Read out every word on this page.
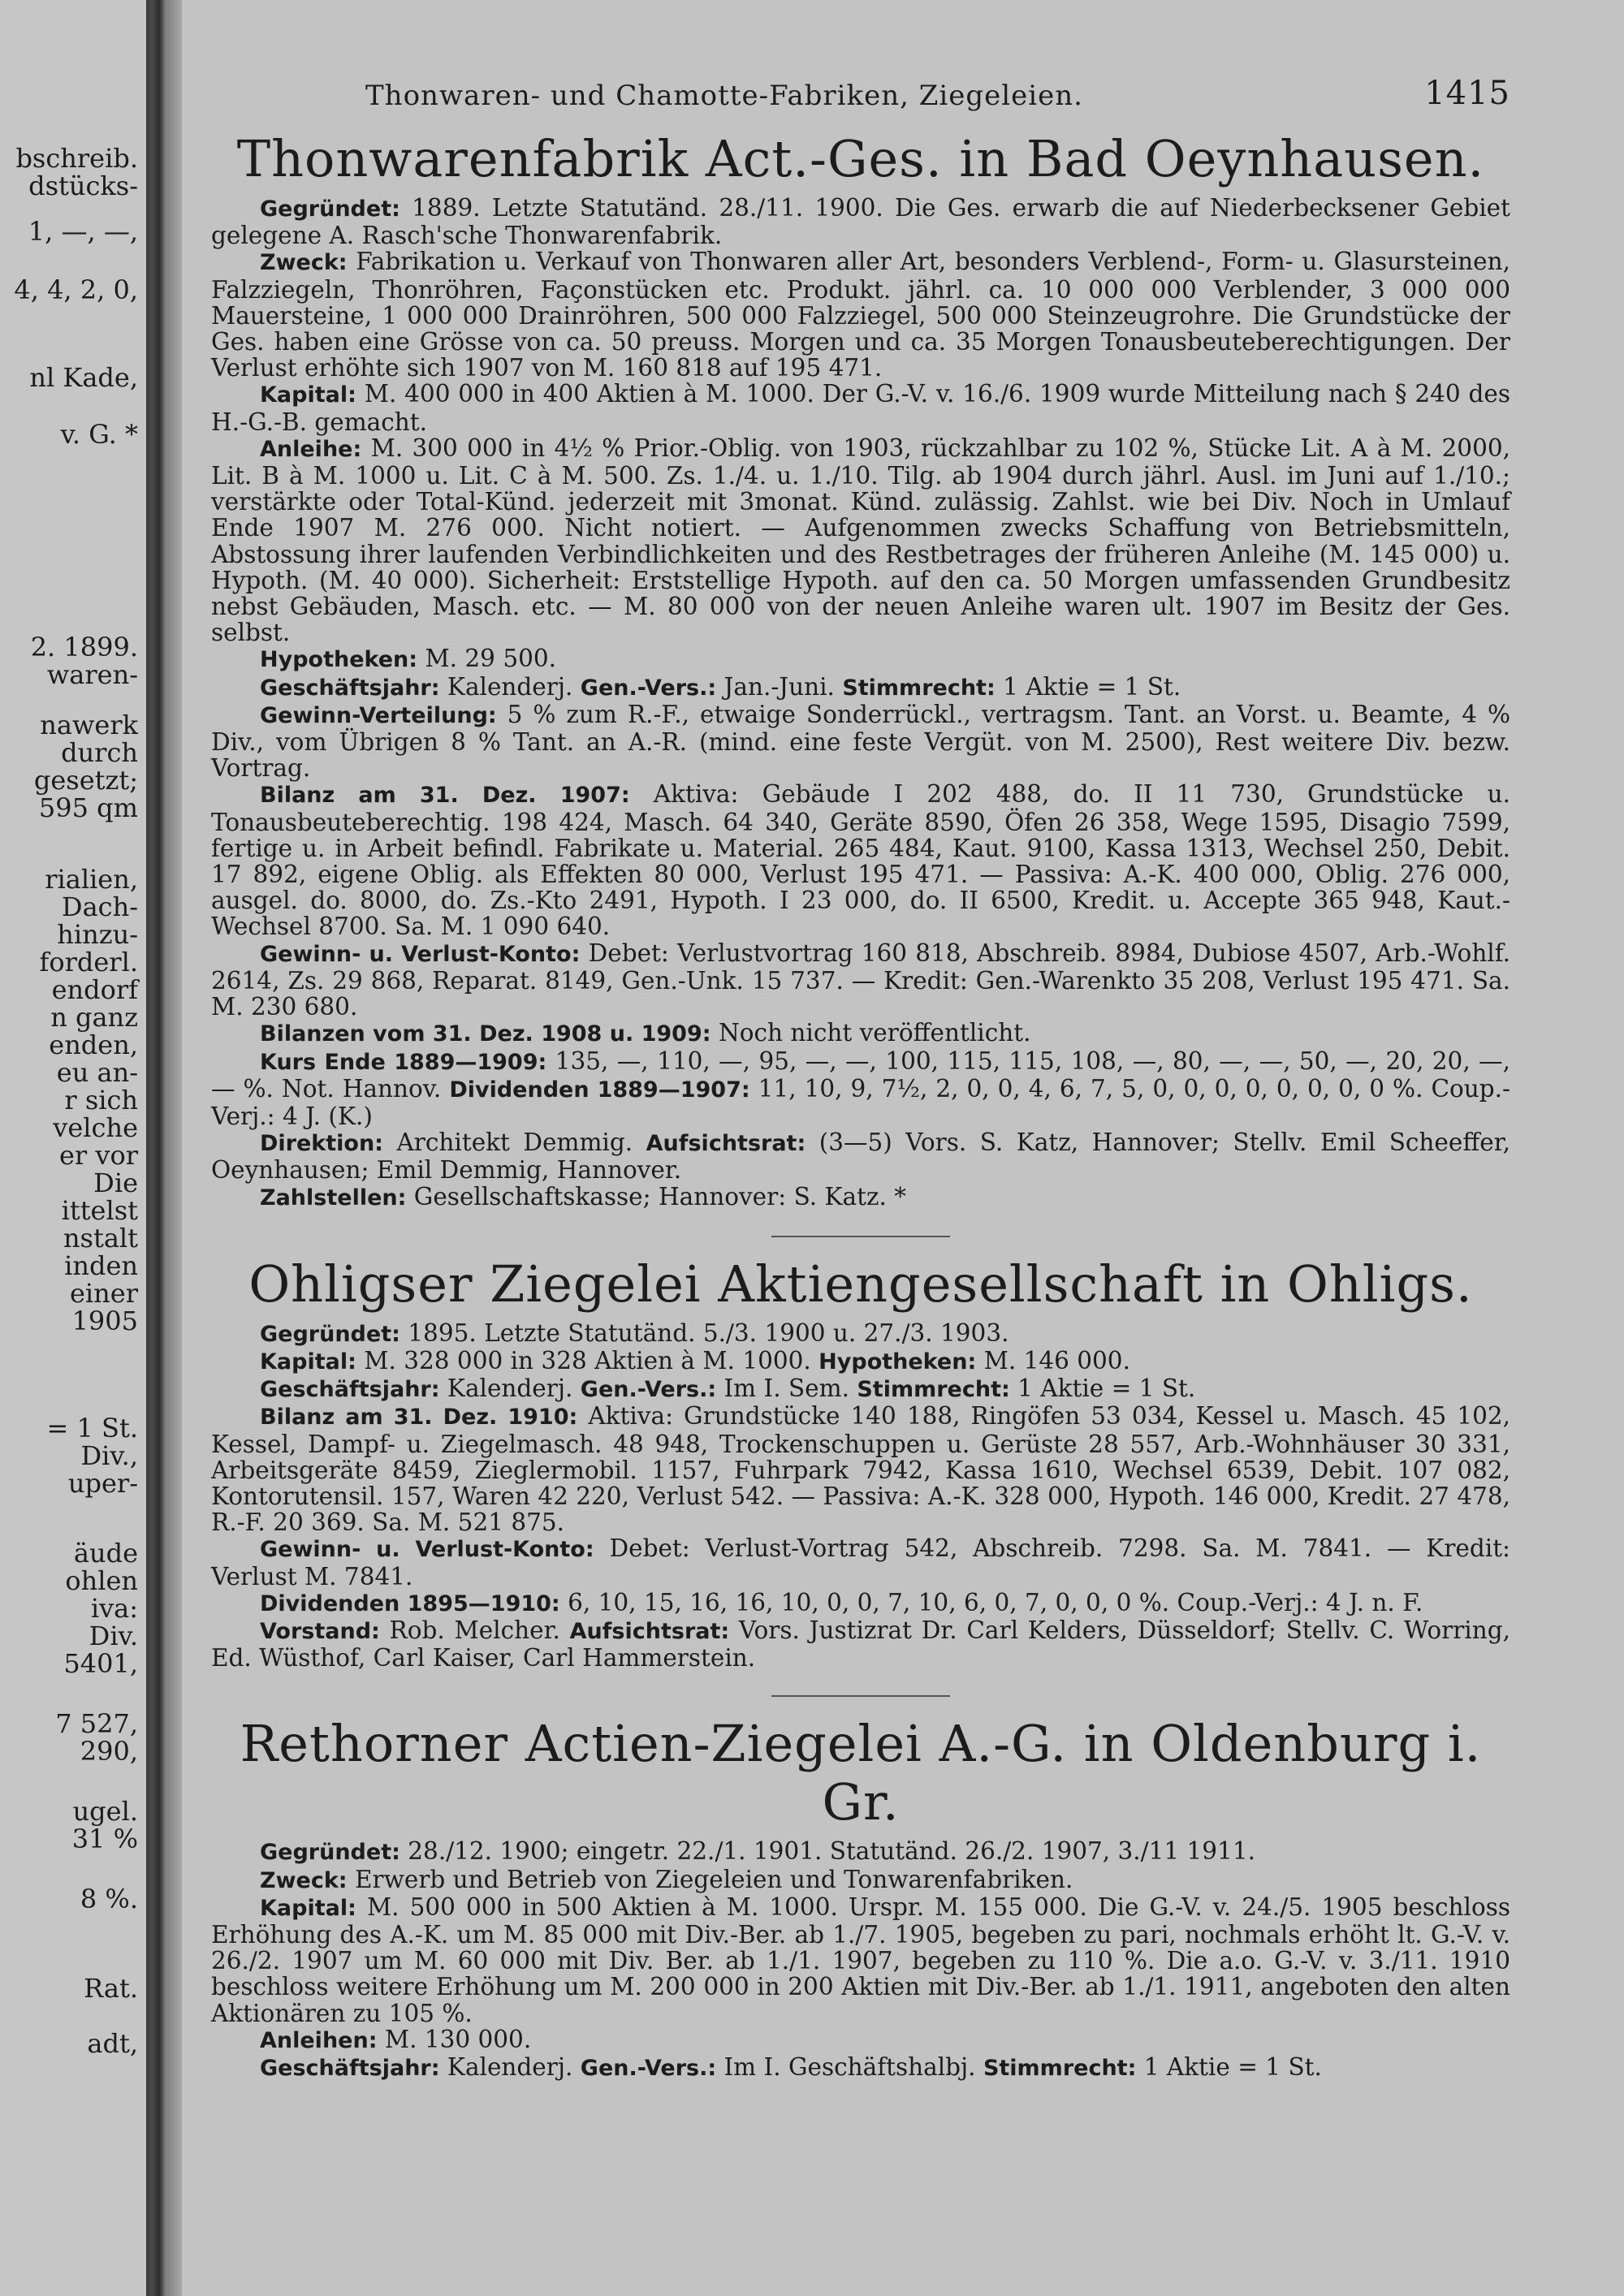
bschreib.
dstücks-
1, —, —,
4, 4, 2, 0,
nl Kade,
v. G. *
2. 1899.
waren-
nawerk
durch
gesetzt;
595 qm
rialien,
Dach-
hinzu-
forderl.
endorf
n ganz
enden,
eu an-
r sich
velche
er vor
Die
ittelst
nstalt
inden
einer
1905
= 1 St.
Div.,
uper-
äude
ohlen
iva:
Div.
5401,
7 527,
290,
ugel.
31 %
8 %.
Rat.
adt,
Thonwaren- und Chamotte-Fabriken, Ziegeleien.	1415
Thonwarenfabrik Act.-Ges. in Bad Oeynhausen.

Gegründet: 1889. Letzte Statutänd. 28./11. 1900. Die Ges. erwarb die auf Niederbecksener Gebiet gelegene A. Rasch'sche Thonwarenfabrik.

Zweck: Fabrikation u. Verkauf von Thonwaren aller Art, besonders Verblend-, Form- u. Glasursteinen, Falzziegeln, Thonröhren, Façonstücken etc. Produkt. jährl. ca. 10 000 000 Verblender, 3 000 000 Mauersteine, 1 000 000 Drainröhren, 500 000 Falzziegel, 500 000 Steinzeugrohre. Die Grundstücke der Ges. haben eine Grösse von ca. 50 preuss. Morgen und ca. 35 Morgen Tonausbeuteberechtigungen. Der Verlust erhöhte sich 1907 von M. 160 818 auf 195 471.

Kapital: M. 400 000 in 400 Aktien à M. 1000. Der G.-V. v. 16./6. 1909 wurde Mitteilung nach § 240 des H.-G.-B. gemacht.

Anleihe: M. 300 000 in 4½ % Prior.-Oblig. von 1903, rückzahlbar zu 102 %, Stücke Lit. A à M. 2000, Lit. B à M. 1000 u. Lit. C à M. 500. Zs. 1./4. u. 1./10. Tilg. ab 1904 durch jährl. Ausl. im Juni auf 1./10.; verstärkte oder Total-Künd. jederzeit mit 3monat. Künd. zulässig. Zahlst. wie bei Div. Noch in Umlauf Ende 1907 M. 276 000. Nicht notiert. — Aufgenommen zwecks Schaffung von Betriebsmitteln, Abstossung ihrer laufenden Verbindlichkeiten und des Restbetrages der früheren Anleihe (M. 145 000) u. Hypoth. (M. 40 000). Sicherheit: Erststellige Hypoth. auf den ca. 50 Morgen umfassenden Grundbesitz nebst Gebäuden, Masch. etc. — M. 80 000 von der neuen Anleihe waren ult. 1907 im Besitz der Ges. selbst.

Hypotheken: M. 29 500.

Geschäftsjahr: Kalenderj. Gen.-Vers.: Jan.-Juni. Stimmrecht: 1 Aktie = 1 St.

Gewinn-Verteilung: 5 % zum R.-F., etwaige Sonderrückl., vertragsm. Tant. an Vorst. u. Beamte, 4 % Div., vom Übrigen 8 % Tant. an A.-R. (mind. eine feste Vergüt. von M. 2500), Rest weitere Div. bezw. Vortrag.

Bilanz am 31. Dez. 1907: Aktiva: Gebäude I 202 488, do. II 11 730, Grundstücke u. Tonausbeuteberechtig. 198 424, Masch. 64 340, Geräte 8590, Öfen 26 358, Wege 1595, Disagio 7599, fertige u. in Arbeit befindl. Fabrikate u. Material. 265 484, Kaut. 9100, Kassa 1313, Wechsel 250, Debit. 17 892, eigene Oblig. als Effekten 80 000, Verlust 195 471. — Passiva: A.-K. 400 000, Oblig. 276 000, ausgel. do. 8000, do. Zs.-Kto 2491, Hypoth. I 23 000, do. II 6500, Kredit. u. Accepte 365 948, Kaut.-Wechsel 8700. Sa. M. 1 090 640.

Gewinn- u. Verlust-Konto: Debet: Verlustvortrag 160 818, Abschreib. 8984, Dubiose 4507, Arb.-Wohlf. 2614, Zs. 29 868, Reparat. 8149, Gen.-Unk. 15 737. — Kredit: Gen.-Warenkto 35 208, Verlust 195 471. Sa. M. 230 680.

Bilanzen vom 31. Dez. 1908 u. 1909: Noch nicht veröffentlicht.

Kurs Ende 1889—1909: 135, —, 110, —, 95, —, —, 100, 115, 115, 108, —, 80, —, —, 50, —, 20, 20, —, — %. Not. Hannov. Dividenden 1889—1907: 11, 10, 9, 7½, 2, 0, 0, 4, 6, 7, 5, 0, 0, 0, 0, 0, 0, 0, 0 %. Coup.-Verj.: 4 J. (K.)

Direktion: Architekt Demmig. Aufsichtsrat: (3—5) Vors. S. Katz, Hannover; Stellv. Emil Scheeffer, Oeynhausen; Emil Demmig, Hannover.

Zahlstellen: Gesellschaftskasse; Hannover: S. Katz. *

Ohligser Ziegelei Aktiengesellschaft in Ohligs.

Gegründet: 1895. Letzte Statutänd. 5./3. 1900 u. 27./3. 1903.

Kapital: M. 328 000 in 328 Aktien à M. 1000. Hypotheken: M. 146 000.

Geschäftsjahr: Kalenderj. Gen.-Vers.: Im I. Sem. Stimmrecht: 1 Aktie = 1 St.

Bilanz am 31. Dez. 1910: Aktiva: Grundstücke 140 188, Ringöfen 53 034, Kessel u. Masch. 45 102, Kessel, Dampf- u. Ziegelmasch. 48 948, Trockenschuppen u. Gerüste 28 557, Arb.-Wohnhäuser 30 331, Arbeitsgeräte 8459, Zieglermobil. 1157, Fuhrpark 7942, Kassa 1610, Wechsel 6539, Debit. 107 082, Kontorutensil. 157, Waren 42 220, Verlust 542. — Passiva: A.-K. 328 000, Hypoth. 146 000, Kredit. 27 478, R.-F. 20 369. Sa. M. 521 875.

Gewinn- u. Verlust-Konto: Debet: Verlust-Vortrag 542, Abschreib. 7298. Sa. M. 7841. — Kredit: Verlust M. 7841.

Dividenden 1895—1910: 6, 10, 15, 16, 16, 10, 0, 0, 7, 10, 6, 0, 7, 0, 0, 0 %. Coup.-Verj.: 4 J. n. F.

Vorstand: Rob. Melcher. Aufsichtsrat: Vors. Justizrat Dr. Carl Kelders, Düsseldorf; Stellv. C. Worring, Ed. Wüsthof, Carl Kaiser, Carl Hammerstein.

Rethorner Actien-Ziegelei A.-G. in Oldenburg i. Gr.

Gegründet: 28./12. 1900; eingetr. 22./1. 1901. Statutänd. 26./2. 1907, 3./11 1911.

Zweck: Erwerb und Betrieb von Ziegeleien und Tonwarenfabriken.

Kapital: M. 500 000 in 500 Aktien à M. 1000. Urspr. M. 155 000. Die G.-V. v. 24./5. 1905 beschloss Erhöhung des A.-K. um M. 85 000 mit Div.-Ber. ab 1./7. 1905, begeben zu pari, nochmals erhöht lt. G.-V. v. 26./2. 1907 um M. 60 000 mit Div. Ber. ab 1./1. 1907, begeben zu 110 %. Die a.o. G.-V. v. 3./11. 1910 beschloss weitere Erhöhung um M. 200 000 in 200 Aktien mit Div.-Ber. ab 1./1. 1911, angeboten den alten Aktionären zu 105 %.

Anleihen: M. 130 000.

Geschäftsjahr: Kalenderj. Gen.-Vers.: Im I. Geschäftshalbj. Stimmrecht: 1 Aktie = 1 St.
